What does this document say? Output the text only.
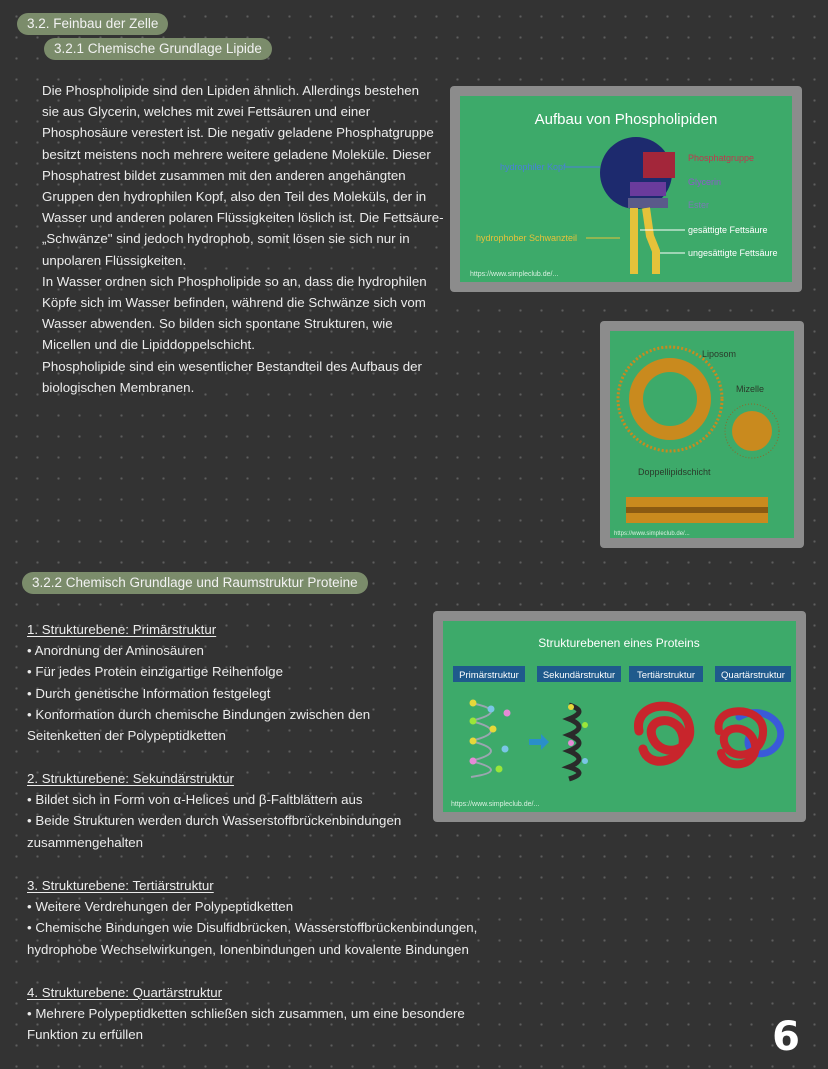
3.2. Feinbau der Zelle
3.2.1 Chemische Grundlage Lipide
Die Phospholipide sind den Lipiden ähnlich. Allerdings bestehen
sie aus Glycerin, welches mit zwei Fettsäuren und einer
Phosphosäure verestert ist. Die negativ geladene Phosphatgruppe
besitzt meistens noch mehrere weitere geladene Moleküle. Dieser
Phosphatrest bildet zusammen mit den anderen angehängten
Gruppen den hydrophilen Kopf, also den Teil des Moleküls, der in
Wasser und anderen polaren Flüssigkeiten löslich ist. Die Fettsäure-
„Schwänze" sind jedoch hydrophob, somit lösen sie sich nur in
unpolaren Flüssigkeiten.
In Wasser ordnen sich Phospholipide so an, dass die hydrophilen
Köpfe sich im Wasser befinden, während die Schwänze sich vom
Wasser abwenden. So bilden sich spontane Strukturen, wie
Micellen und die Lipiddoppelschicht.
Phospholipide sind ein wesentlicher Bestandteil des Aufbaus der
biologischen Membranen.
Aufbau von Phospholipiden
hydrophiler Kopf
hydrophober Schwanzteil
Phosphatgruppe
Glycerin
Ester
gesättigte Fettsäure
ungesättigte Fettsäure
https://www.simpleclub.de/...
Liposom
Mizelle
Doppellipidschicht
https://www.simpleclub.de/...
3.2.2 Chemisch Grundlage und Raumstruktur Proteine
Strukturebenen eines Proteins
Primärstruktur	Sekundärstruktur Tertiärstruktur	Quartärstruktur
https://www.simpleclub.de/...
1. Strukturebene: Primärstruktur
• Anordnung der Aminosäuren
• Für jedes Protein einzigartige Reihenfolge
• Durch genetische Information festgelegt
• Konformation durch chemische Bindungen zwischen den
Seitenketten der Polypeptidketten
2. Strukturebene: Sekundärstruktur
• Bildet sich in Form von α-Helices und β-Faltblättern aus
• Beide Strukturen werden durch Wasserstoffbrückenbindungen
zusammengehalten
3. Strukturebene: Tertiärstruktur
• Weitere Verdrehungen der Polypeptidketten
• Chemische Bindungen wie Disulfidbrücken, Wasserstoffbrückenbindungen,
hydrophobe Wechselwirkungen, Ionenbindungen und kovalente Bindungen
4. Strukturebene: Quartärstruktur
• Mehrere Polypeptidketten schließen sich zusammen, um eine besondere
Funktion zu erfüllen	6
